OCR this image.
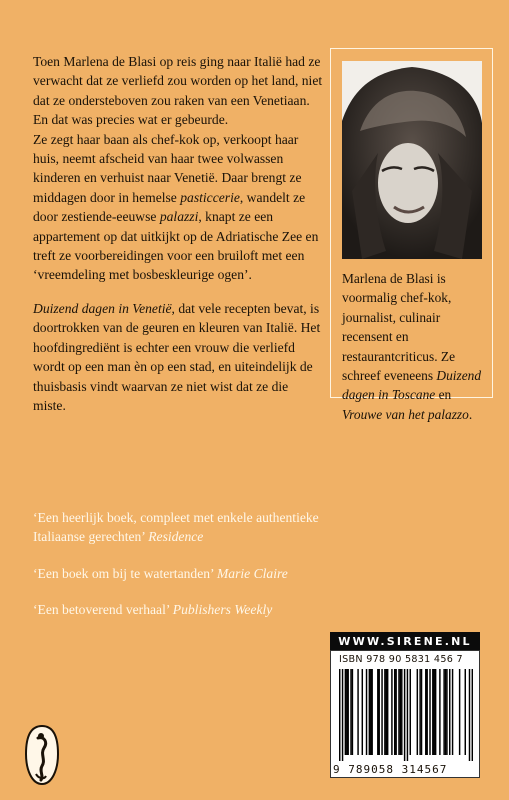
Toen Marlena de Blasi op reis ging naar Italië had ze verwacht dat ze verliefd zou worden op het land, niet dat ze ondersteboven zou raken van een Venetiaan. En dat was precies wat er gebeurde.

Ze zegt haar baan als chef-kok op, verkoopt haar huis, neemt afscheid van haar twee volwassen kinderen en verhuist naar Venetië. Daar brengt ze middagen door in hemelse pasticcerie, wandelt ze door zestiende-eeuwse palazzi, knapt ze een appartement op dat uitkijkt op de Adriatische Zee en treft ze voorbereidingen voor een bruiloft met een ‘vreemdeling met bosbeskleurige ogen’.

Duizend dagen in Venetië, dat vele recepten bevat, is doortrokken van de geuren en kleuren van Italië. Het hoofdingrediënt is echter een vrouw die verliefd wordt op een man èn op een stad, en uiteindelijk de thuisbasis vindt waarvan ze niet wist dat ze die miste.

Marlena de Blasi is voormalig chef-kok, journalist, culinair recensent en restaurantcriticus. Ze schreef eveneens Duizend dagen in Toscane en Vrouwe van het palazzo.

‘Een heerlijk boek, compleet met enkele authentieke Italiaanse gerechten’ Residence

‘Een boek om bij te watertanden’ Marie Claire

‘Een betoverend verhaal’ Publishers Weekly

WWW.SIRENE.NL
ISBN 978 90 5831 456 7
9 789058 314567
